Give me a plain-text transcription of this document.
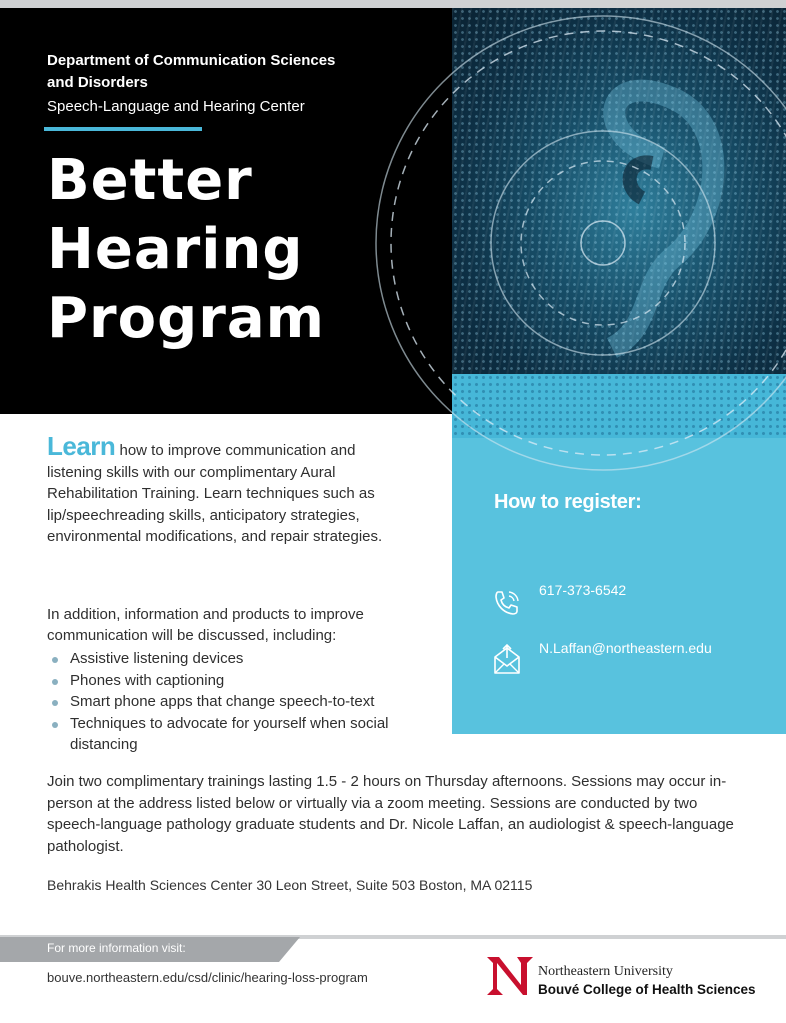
Department of Communication Sciences and Disorders
Speech-Language and Hearing Center
Better
Hearing
Program
Learn how to improve communication and listening skills with our complimentary Aural Rehabilitation Training. Learn techniques such as lip/speechreading skills, anticipatory strategies, environmental modifications, and repair strategies.
In addition, information and products to improve communication will be discussed, including:
Assistive listening devices
Phones with captioning
Smart phone apps that change speech-to-text
Techniques to advocate for yourself when social distancing
How to register:
617-373-6542
N.Laffan@northeastern.edu
Join two complimentary trainings lasting 1.5 - 2 hours on Thursday afternoons. Sessions may occur in-person at the address listed below or virtually via a zoom meeting. Sessions are conducted by two speech-language pathology graduate students and Dr. Nicole Laffan, an audiologist & speech-language pathologist.
Behrakis Health Sciences Center 30 Leon Street, Suite 503 Boston, MA 02115
For more information visit:
bouve.northeastern.edu/csd/clinic/hearing-loss-program	Northeastern University
Bouvé College of Health Sciences
